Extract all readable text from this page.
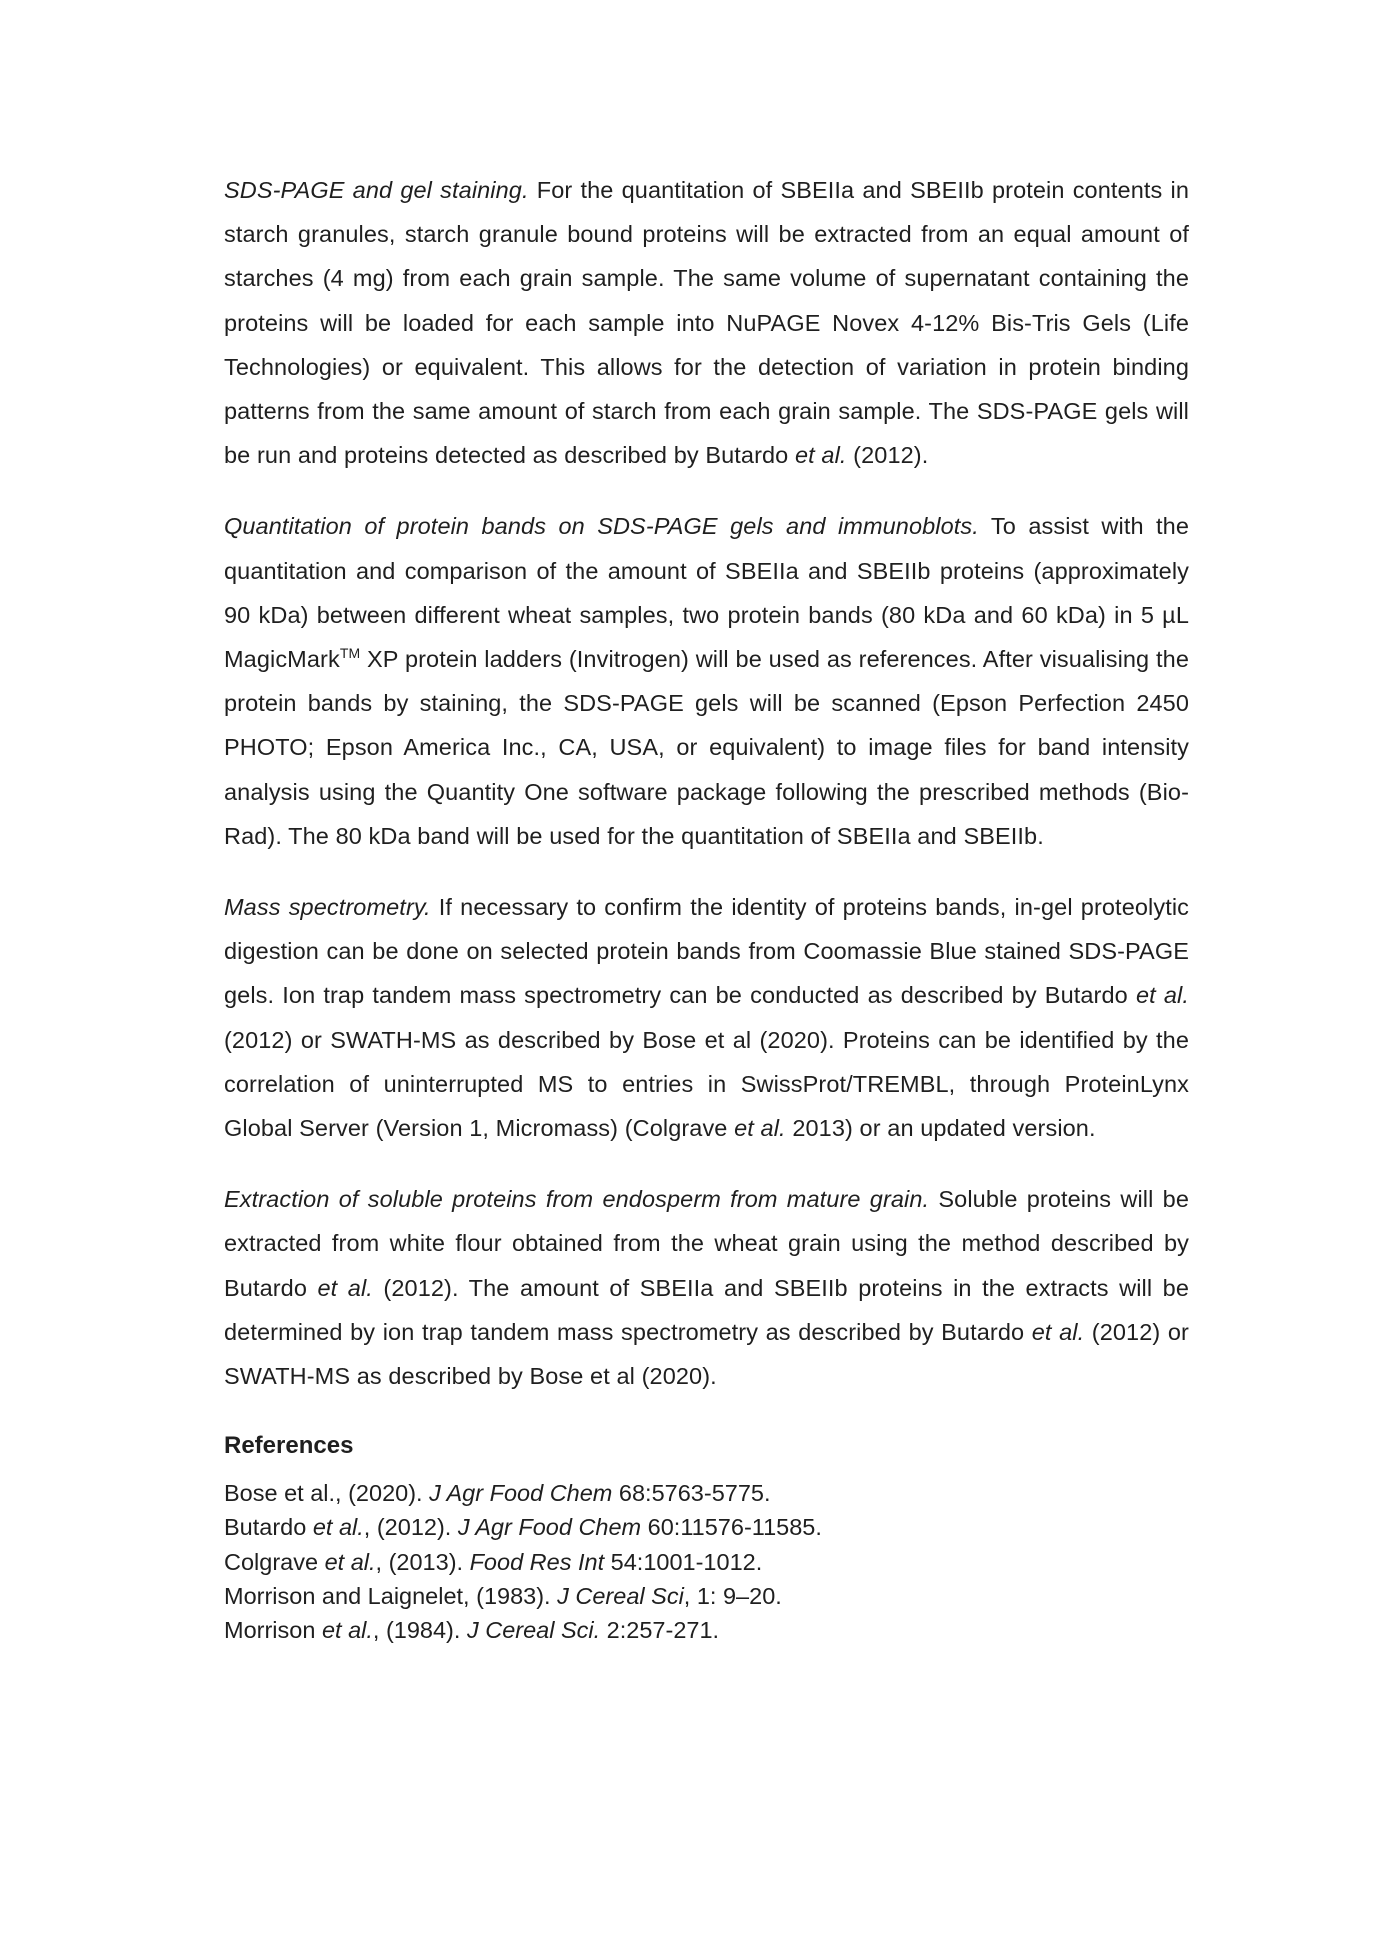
SDS-PAGE and gel staining. For the quantitation of SBEIIa and SBEIIb protein contents in starch granules, starch granule bound proteins will be extracted from an equal amount of starches (4 mg) from each grain sample. The same volume of supernatant containing the proteins will be loaded for each sample into NuPAGE Novex 4-12% Bis-Tris Gels (Life Technologies) or equivalent. This allows for the detection of variation in protein binding patterns from the same amount of starch from each grain sample. The SDS-PAGE gels will be run and proteins detected as described by Butardo et al. (2012).

Quantitation of protein bands on SDS-PAGE gels and immunoblots. To assist with the quantitation and comparison of the amount of SBEIIa and SBEIIb proteins (approximately 90 kDa) between different wheat samples, two protein bands (80 kDa and 60 kDa) in 5 µL MagicMark™ XP protein ladders (Invitrogen) will be used as references. After visualising the protein bands by staining, the SDS-PAGE gels will be scanned (Epson Perfection 2450 PHOTO; Epson America Inc., CA, USA, or equivalent) to image files for band intensity analysis using the Quantity One software package following the prescribed methods (Bio-Rad). The 80 kDa band will be used for the quantitation of SBEIIa and SBEIIb.

Mass spectrometry. If necessary to confirm the identity of proteins bands, in-gel proteolytic digestion can be done on selected protein bands from Coomassie Blue stained SDS-PAGE gels. Ion trap tandem mass spectrometry can be conducted as described by Butardo et al. (2012) or SWATH-MS as described by Bose et al (2020). Proteins can be identified by the correlation of uninterrupted MS to entries in SwissProt/TREMBL, through ProteinLynx Global Server (Version 1, Micromass) (Colgrave et al. 2013) or an updated version.

Extraction of soluble proteins from endosperm from mature grain. Soluble proteins will be extracted from white flour obtained from the wheat grain using the method described by Butardo et al. (2012). The amount of SBEIIa and SBEIIb proteins in the extracts will be determined by ion trap tandem mass spectrometry as described by Butardo et al. (2012) or SWATH-MS as described by Bose et al (2020).

References
Bose et al., (2020). J Agr Food Chem 68:5763-5775.
Butardo et al., (2012). J Agr Food Chem 60:11576-11585.
Colgrave et al., (2013). Food Res Int 54:1001-1012.
Morrison and Laignelet, (1983). J Cereal Sci, 1: 9–20.
Morrison et al., (1984). J Cereal Sci. 2:257-271.
